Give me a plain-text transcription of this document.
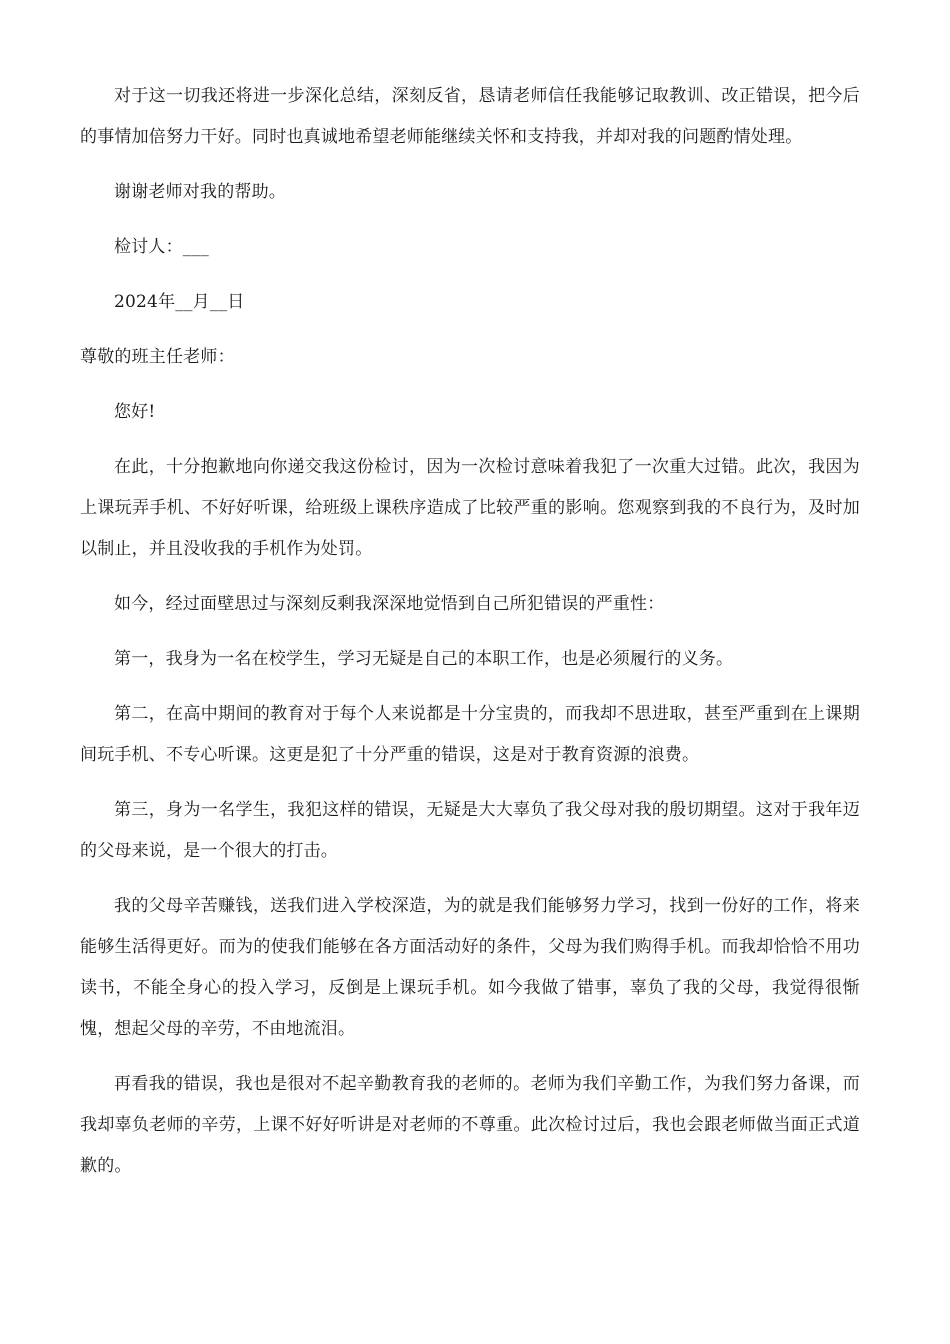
对于这一切我还将进一步深化总结，深刻反省，恳请老师信任我能够记取教训、改正错误，把今后的事情加倍努力干好。同时也真诚地希望老师能继续关怀和支持我，并却对我的问题酌情处理。

谢谢老师对我的帮助。

检讨人：___

2024年__月__日

尊敬的班主任老师：

您好!

在此，十分抱歉地向你递交我这份检讨，因为一次检讨意味着我犯了一次重大过错。此次，我因为上课玩弄手机、不好好听课，给班级上课秩序造成了比较严重的影响。您观察到我的不良行为，及时加以制止，并且没收我的手机作为处罚。

如今，经过面壁思过与深刻反剩我深深地觉悟到自己所犯错误的严重性：

第一，我身为一名在校学生，学习无疑是自己的本职工作，也是必须履行的义务。

第二，在高中期间的教育对于每个人来说都是十分宝贵的，而我却不思进取，甚至严重到在上课期间玩手机、不专心听课。这更是犯了十分严重的错误，这是对于教育资源的浪费。

第三，身为一名学生，我犯这样的错误，无疑是大大辜负了我父母对我的殷切期望。这对于我年迈的父母来说，是一个很大的打击。

我的父母辛苦赚钱，送我们进入学校深造，为的就是我们能够努力学习，找到一份好的工作，将来能够生活得更好。而为的使我们能够在各方面活动好的条件，父母为我们购得手机。而我却恰恰不用功读书，不能全身心的投入学习，反倒是上课玩手机。如今我做了错事，辜负了我的父母，我觉得很惭愧，想起父母的辛劳，不由地流泪。

再看我的错误，我也是很对不起辛勤教育我的老师的。老师为我们辛勤工作，为我们努力备课，而我却辜负老师的辛劳，上课不好好听讲是对老师的不尊重。此次检讨过后，我也会跟老师做当面正式道歉的。
